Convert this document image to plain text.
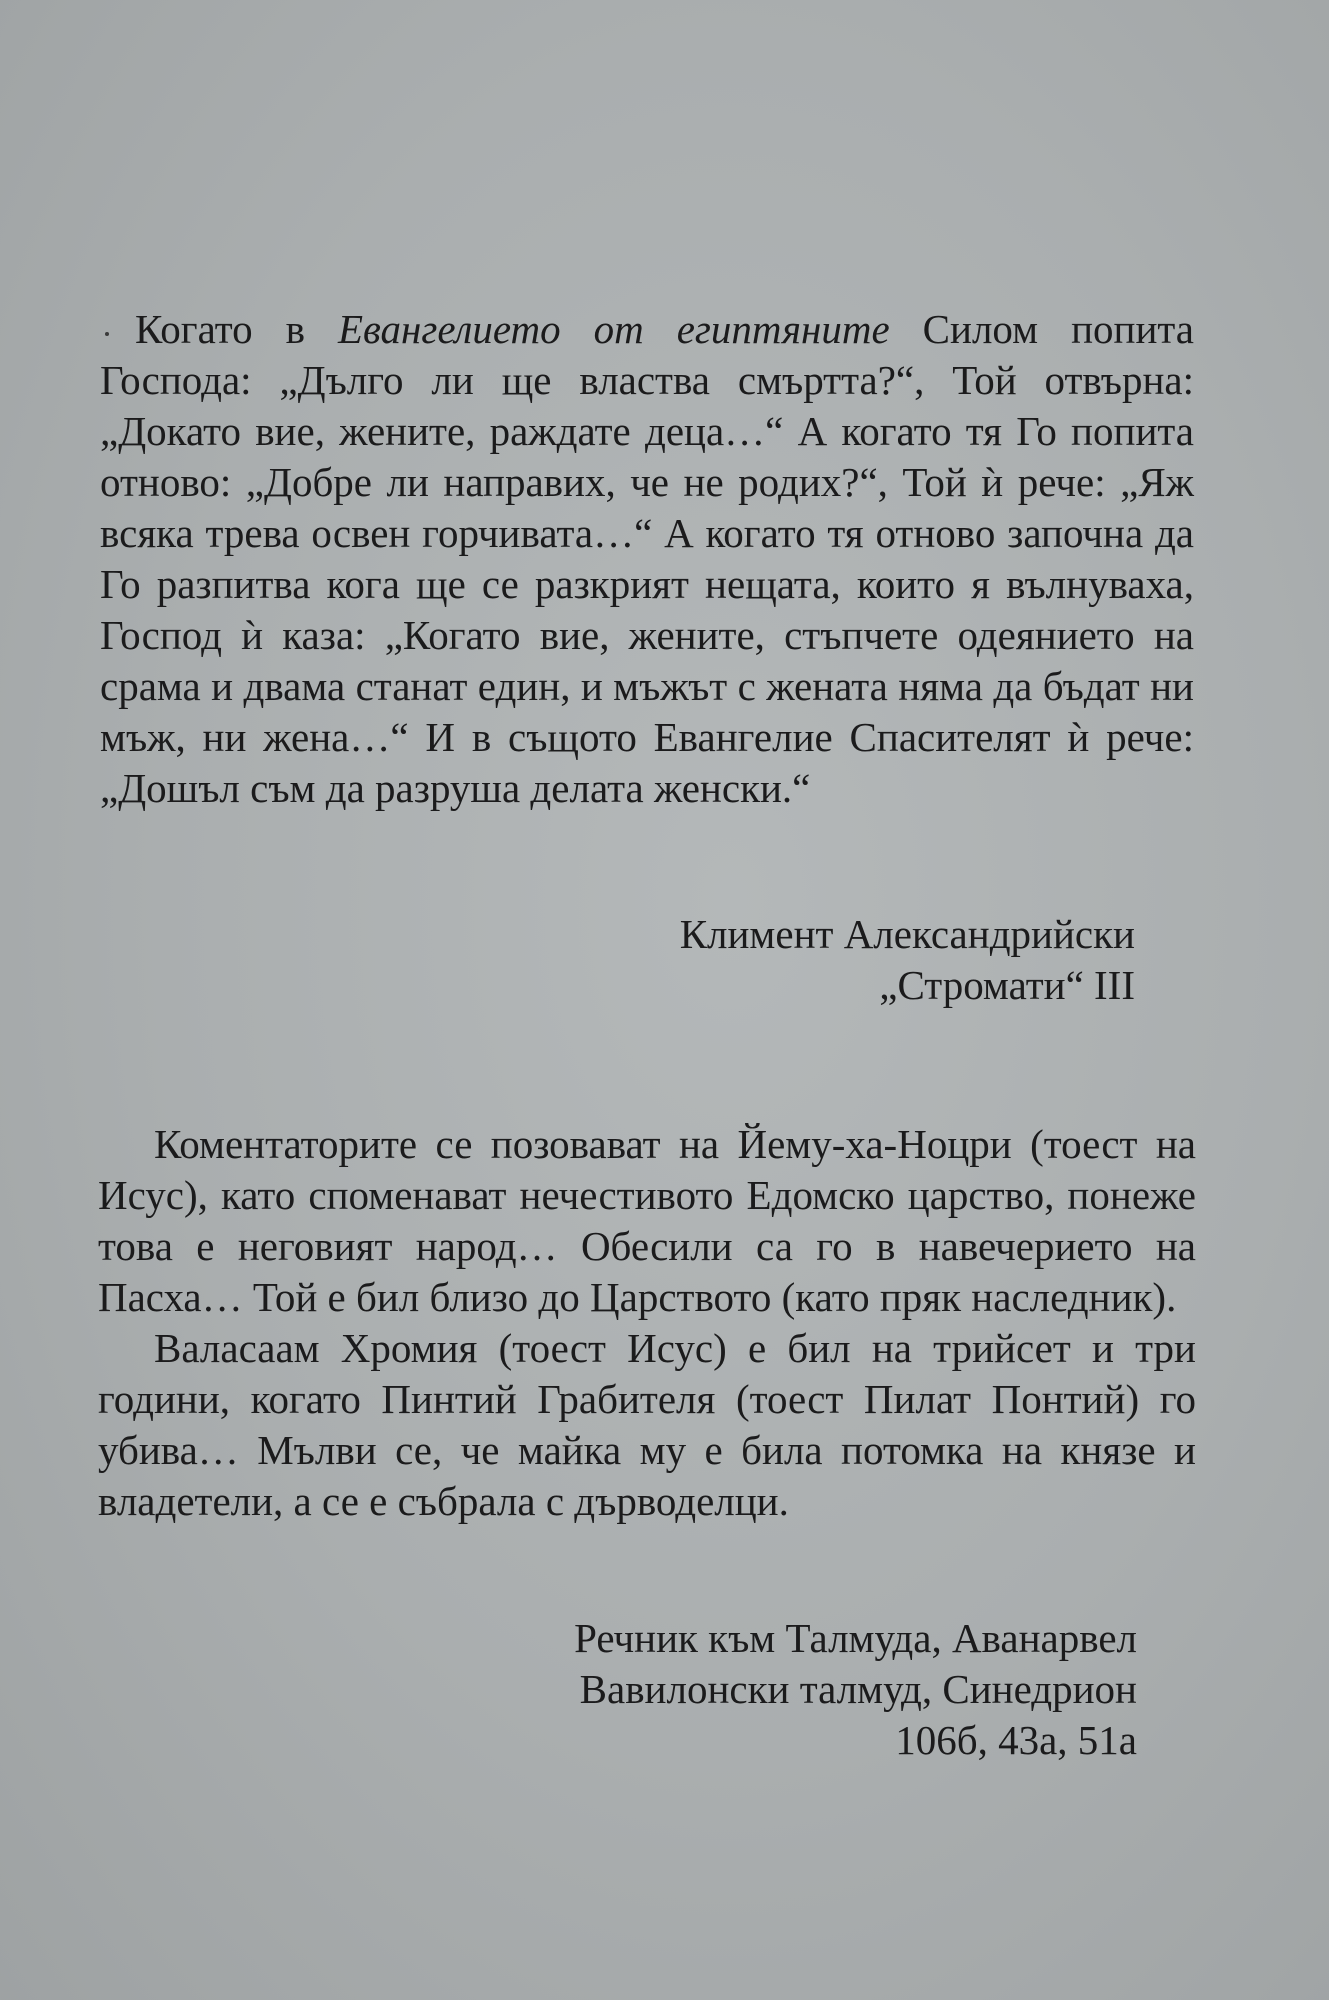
Когато в Евангелието от египтяните Силом попита Господа: „Дълго ли ще властва смъртта?“, Той отвърна: „Докато вие, жените, раждате деца…“ А когато тя Го попита отново: „Добре ли направих, че не родих?“, Той ѝ рече: „Яж всяка трева освен горчивата…“ А когато тя отново започна да Го разпитва кога ще се разкрият нещата, които я вълнуваха, Господ ѝ каза: „Когато вие, жените, стъпчете одеянието на срама и двама станат един, и мъжът с жената няма да бъдат ни мъж, ни жена…“ И в същото Евангелие Спасителят ѝ рече: „Дошъл съм да разруша делата женски.“

Климент Александрийски
„Стромати“ III

Коментаторите се позовават на Йему-ха-Ноцри (тоест на Исус), като споменават нечестивото Едомско царство, понеже това е неговият народ… Обесили са го в навечерието на Пасха… Той е бил близо до Царството (като пряк наследник).

Валасаам Хромия (тоест Исус) е бил на трийсет и три години, когато Пинтий Грабителя (тоест Пилат Понтий) го убива… Мълви се, че майка му е била потомка на князе и владетели, а се е събрала с дърводелци.

Речник към Талмуда, Аванарвел
Вавилонски талмуд, Синедрион
106б, 43а, 51а
